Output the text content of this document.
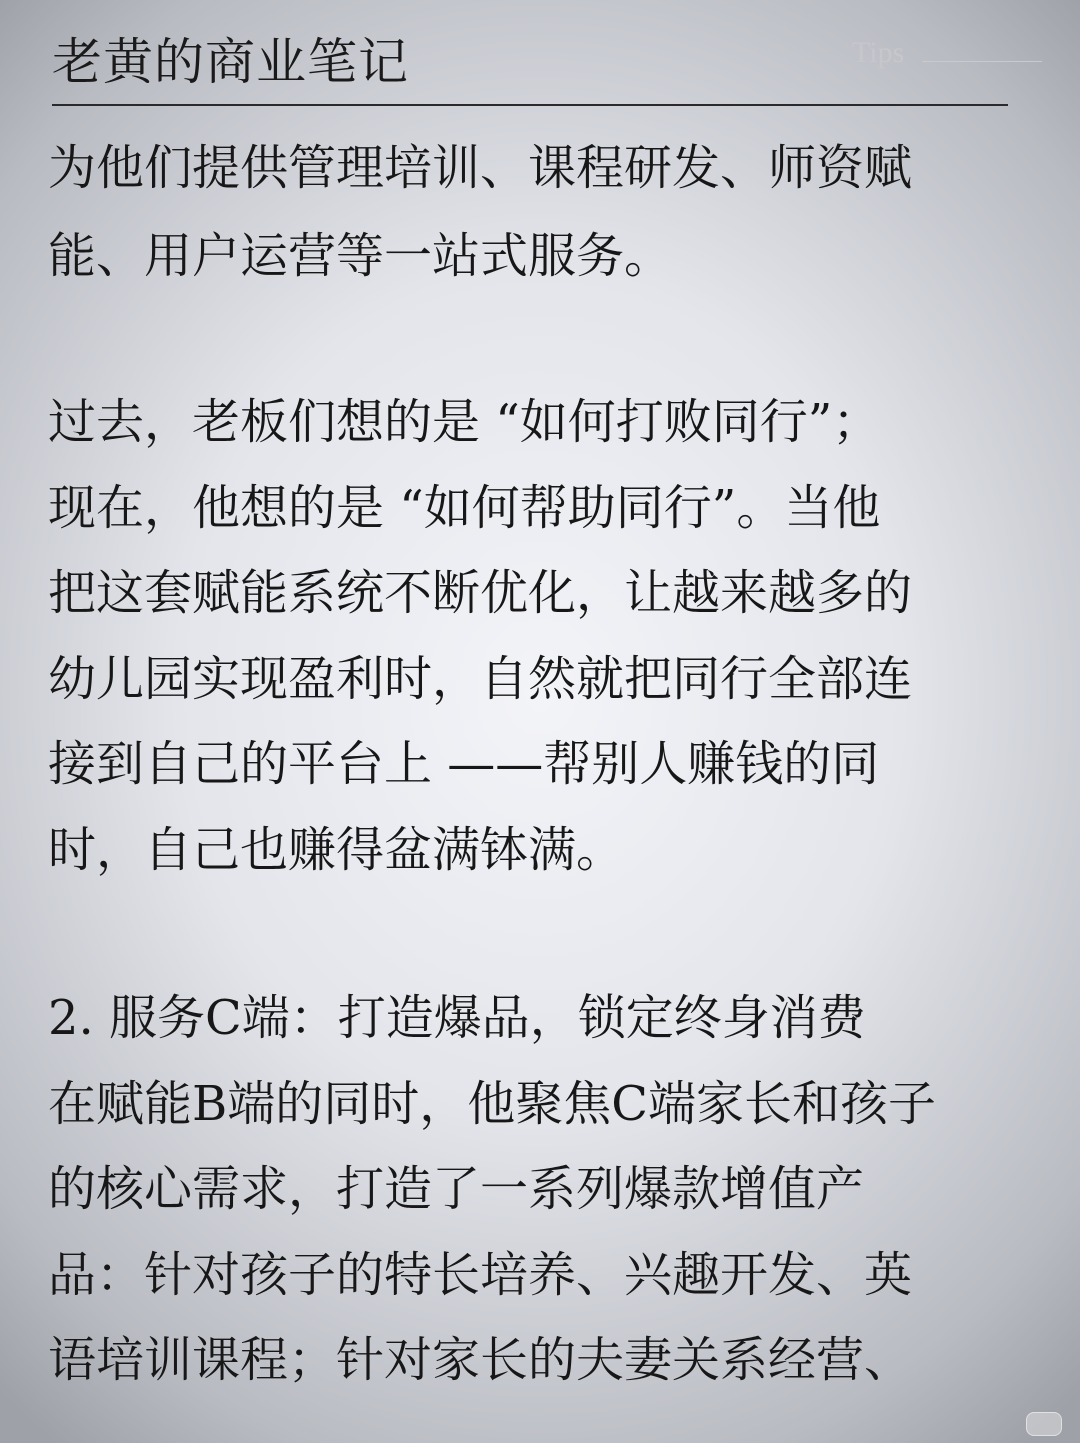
老黄的商业笔记	Tips
为他们提供管理培训、课程研发、师资赋
能、用户运营等一站式服务。
过去，老板们想的是 “如何打败同行”；
现在，他想的是 “如何帮助同行”。当他
把这套赋能系统不断优化，让越来越多的
幼儿园实现盈利时，自然就把同行全部连
接到自己的平台上 ——帮别人赚钱的同
时，自己也赚得盆满钵满。
2. 服务C端：打造爆品，锁定终身消费
在赋能B端的同时，他聚焦C端家长和孩子
的核心需求，打造了一系列爆款增值产
品：针对孩子的特长培养、兴趣开发、英
语培训课程；针对家长的夫妻关系经营、
